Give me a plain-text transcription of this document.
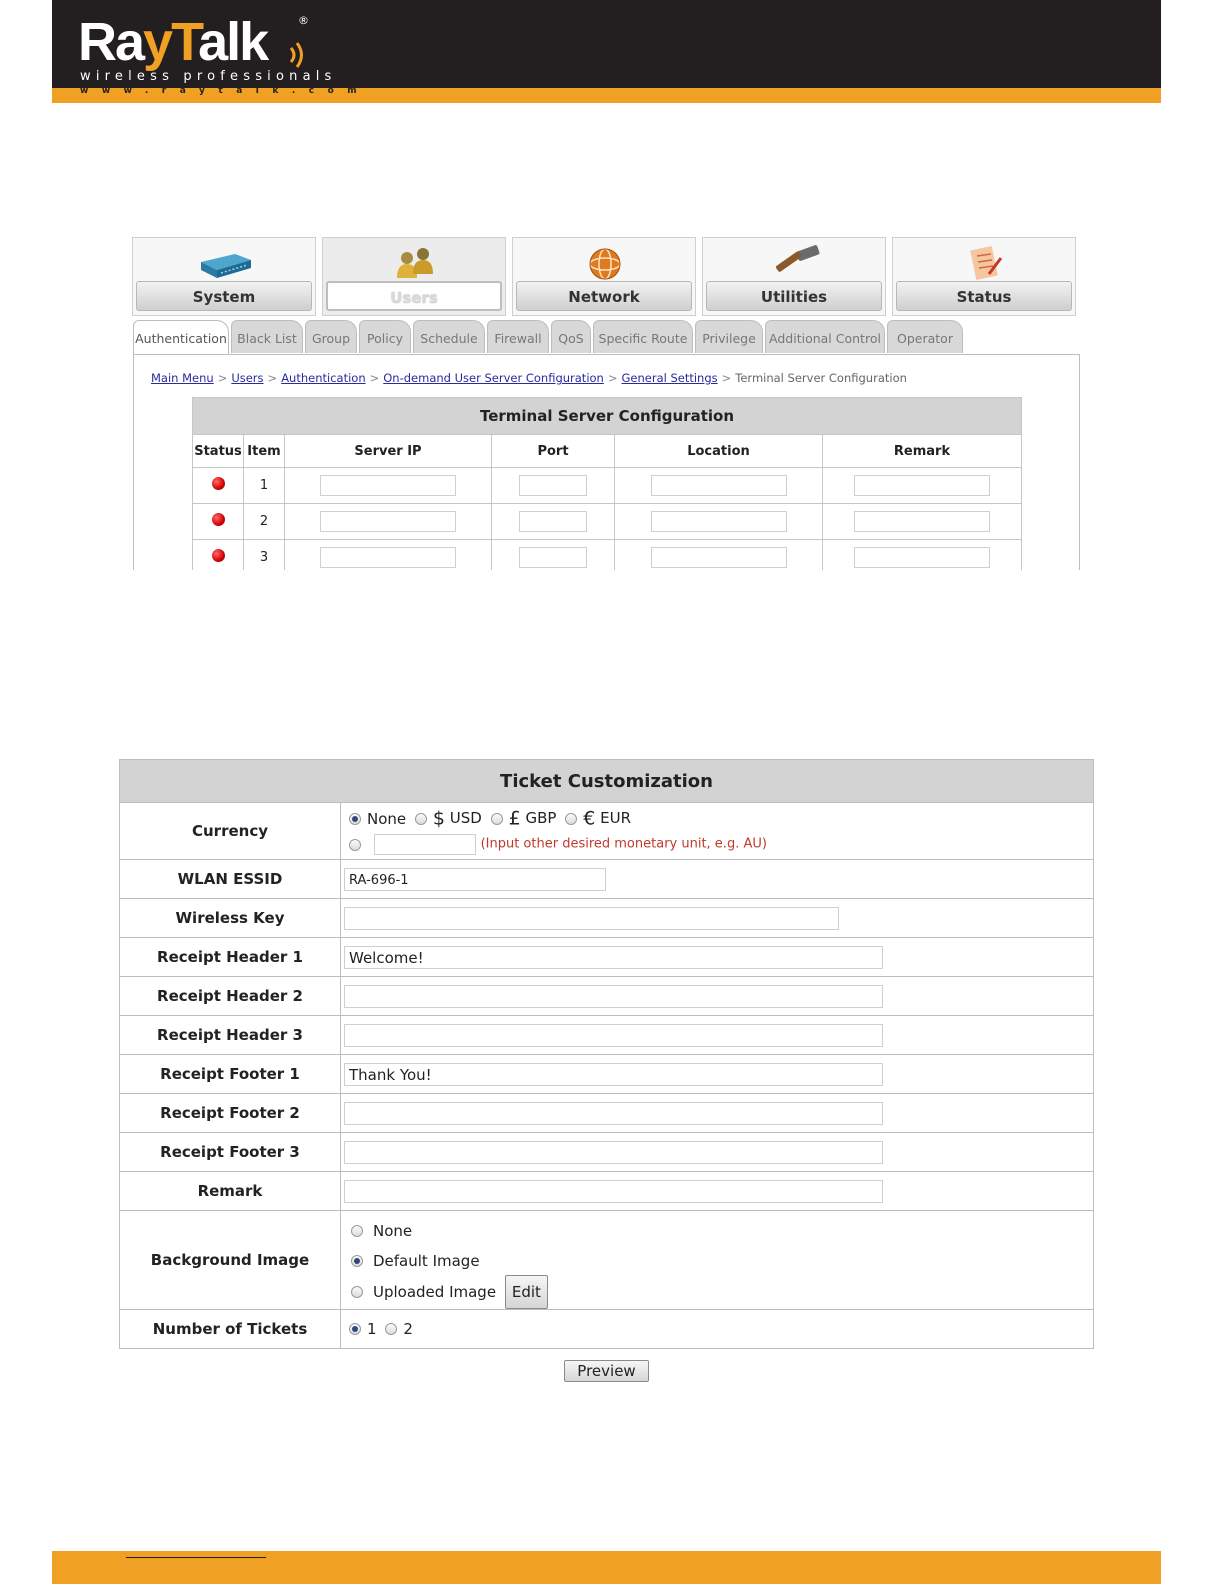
RayTalk	®
wireless professionals
www.raytalk.com
System	Users	Network	Utilities	Status
Authentication Black List	Group	Policy	Schedule	Firewall	QoS	Specific Route	Privilege	Additional Control	Operator
Main Menu > Users > Authentication > On-demand User Server Configuration > General Settings > Terminal Server Configuration
Terminal Server Configuration					
Status	Item	Server IP	Port	Location	Remark
	1				
	2				
	3				
Ticket Customization	
Currency	None $ USD £ GBP € EUR
(Input other desired monetary unit, e.g. AU)

WLAN ESSID	RA-696-1
Wireless Key	
Receipt Header 1	Welcome!
Receipt Header 2	
Receipt Header 3	
Receipt Footer 1	Thank You!
Receipt Footer 2	
Receipt Footer 3	
Remark	
Background Image	None
Default Image
Uploaded Image Edit

Number of Tickets	1 2
Preview
